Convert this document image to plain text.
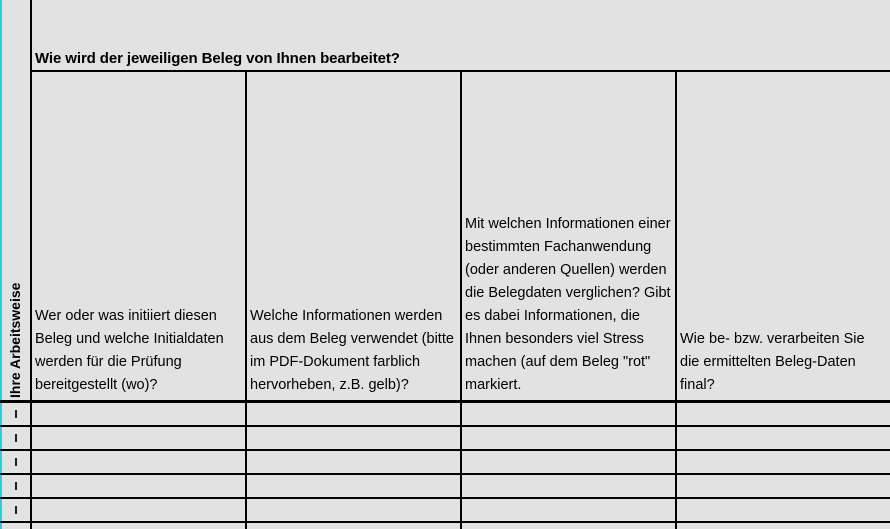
Wie wird der jeweiligen Beleg von Ihnen bearbeitet?
Ihre Arbeitsweise Wer oder was initiiert diesen Beleg und welche Initialdaten werden für die Prüfung bereitgestellt (wo)?
Welche Informationen werden aus dem Beleg verwendet (bitte im PDF-Dokument farblich hervorheben, z.B. gelb)?
Mit welchen Informationen einer bestimmten Fachanwendung (oder anderen Quellen) werden die Belegdaten verglichen? Gibt es dabei Informationen, die Ihnen besonders viel Stress machen (auf dem Beleg "rot" markiert.
Wie be- bzw. verarbeiten Sie die ermittelten Beleg-Daten final?
